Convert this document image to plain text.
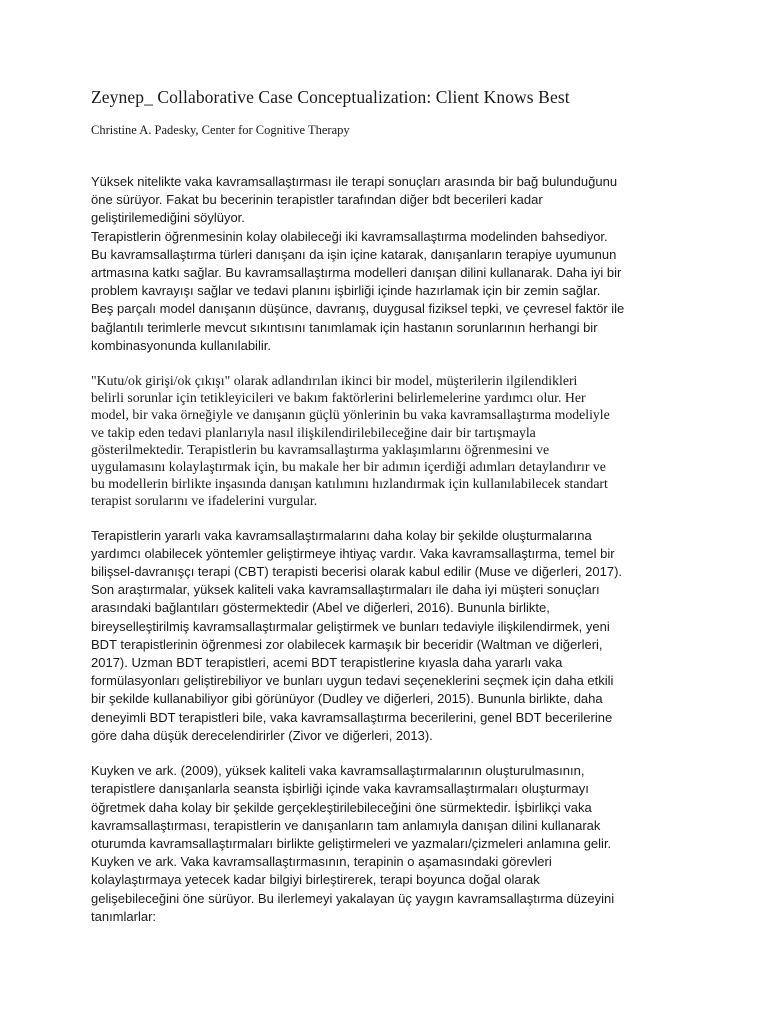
Zeynep_ Collaborative Case Conceptualization: Client Knows Best

Christine A. Padesky, Center for Cognitive Therapy

Yüksek nitelikte vaka kavramsallaştırması ile terapi sonuçları arasında bir bağ bulunduğunu
öne sürüyor. Fakat bu becerinin terapistler tarafından diğer bdt becerileri kadar
geliştirilemediğini söylüyor.
Terapistlerin öğrenmesinin kolay olabileceği iki kavramsallaştırma modelinden bahsediyor.
Bu kavramsallaştırma türleri danışanı da işin içine katarak, danışanların terapiye uyumunun
artmasına katkı sağlar. Bu kavramsallaştırma modelleri danışan dilini kullanarak. Daha iyi bir
problem kavrayışı sağlar ve tedavi planını işbirliği içinde hazırlamak için bir zemin sağlar.
Beş parçalı model danışanın düşünce, davranış, duygusal fiziksel tepki, ve çevresel faktör ile
bağlantılı terimlerle mevcut sıkıntısını tanımlamak için hastanın sorunlarının herhangi bir
kombinasyonunda kullanılabilir.

"Kutu/ok girişi/ok çıkışı" olarak adlandırılan ikinci bir model, müşterilerin ilgilendikleri
belirli sorunlar için tetikleyicileri ve bakım faktörlerini belirlemelerine yardımcı olur. Her
model, bir vaka örneğiyle ve danışanın güçlü yönlerinin bu vaka kavramsallaştırma modeliyle
ve takip eden tedavi planlarıyla nasıl ilişkilendirilebileceğine dair bir tartışmayla
gösterilmektedir. Terapistlerin bu kavramsallaştırma yaklaşımlarını öğrenmesini ve
uygulamasını kolaylaştırmak için, bu makale her bir adımın içerdiği adımları detaylandırır ve
bu modellerin birlikte inşasında danışan katılımını hızlandırmak için kullanılabilecek standart
terapist sorularını ve ifadelerini vurgular.

Terapistlerin yararlı vaka kavramsallaştırmalarını daha kolay bir şekilde oluşturmalarına
yardımcı olabilecek yöntemler geliştirmeye ihtiyaç vardır. Vaka kavramsallaştırma, temel bir
bilişsel-davranışçı terapi (CBT) terapisti becerisi olarak kabul edilir (Muse ve diğerleri, 2017).
Son araştırmalar, yüksek kaliteli vaka kavramsallaştırmaları ile daha iyi müşteri sonuçları
arasındaki bağlantıları göstermektedir (Abel ve diğerleri, 2016). Bununla birlikte,
bireyselleştirilmiş kavramsallaştırmalar geliştirmek ve bunları tedaviyle ilişkilendirmek, yeni
BDT terapistlerinin öğrenmesi zor olabilecek karmaşık bir beceridir (Waltman ve diğerleri,
2017). Uzman BDT terapistleri, acemi BDT terapistlerine kıyasla daha yararlı vaka
formülasyonları geliştirebiliyor ve bunları uygun tedavi seçeneklerini seçmek için daha etkili
bir şekilde kullanabiliyor gibi görünüyor (Dudley ve diğerleri, 2015). Bununla birlikte, daha
deneyimli BDT terapistleri bile, vaka kavramsallaştırma becerilerini, genel BDT becerilerine
göre daha düşük derecelendirirler (Zivor ve diğerleri, 2013).

Kuyken ve ark. (2009), yüksek kaliteli vaka kavramsallaştırmalarının oluşturulmasının,
terapistlere danışanlarla seansta işbirliği içinde vaka kavramsallaştırmaları oluşturmayı
öğretmek daha kolay bir şekilde gerçekleştirilebileceğini öne sürmektedir. İşbirlikçi vaka
kavramsallaştırması, terapistlerin ve danışanların tam anlamıyla danışan dilini kullanarak
oturumda kavramsallaştırmaları birlikte geliştirmeleri ve yazmaları/çizmeleri anlamına gelir.
Kuyken ve ark. Vaka kavramsallaştırmasının, terapinin o aşamasındaki görevleri
kolaylaştırmaya yetecek kadar bilgiyi birleştirerek, terapi boyunca doğal olarak
gelişebileceğini öne sürüyor. Bu ilerlemeyi yakalayan üç yaygın kavramsallaştırma düzeyini
tanımlarlar:
